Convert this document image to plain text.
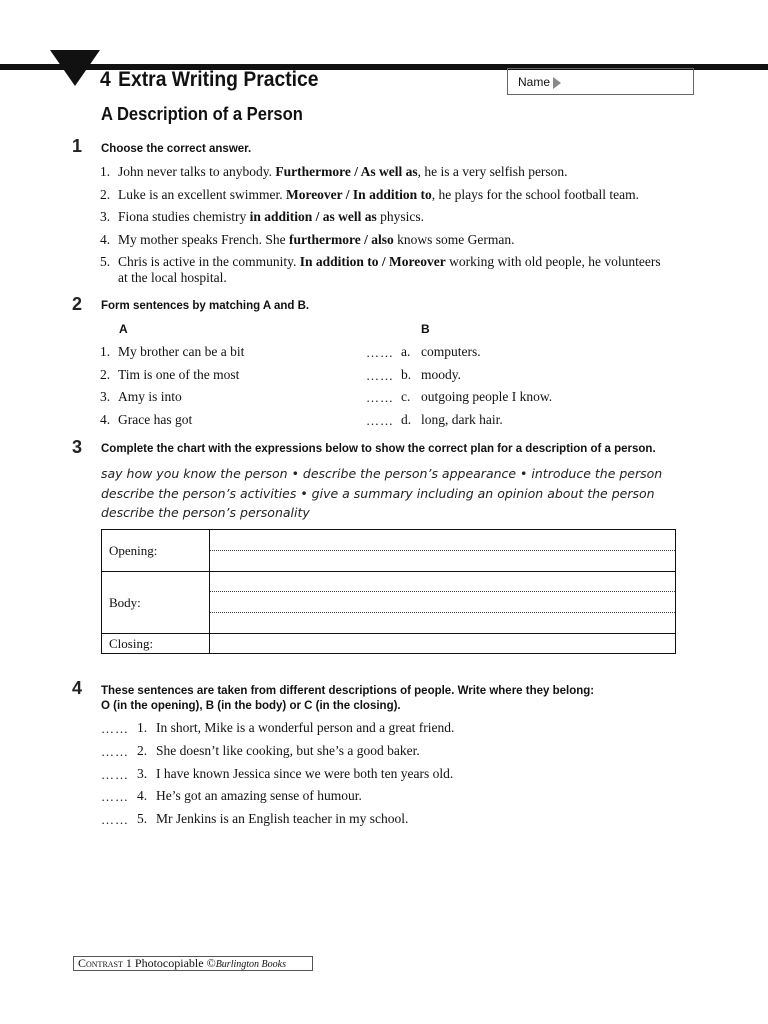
4 Extra Writing Practice	Name
A Description of a Person
1 Choose the correct answer.
1. John never talks to anybody. Furthermore / As well as, he is a very selfish person.
2. Luke is an excellent swimmer. Moreover / In addition to, he plays for the school football team.
3. Fiona studies chemistry in addition / as well as physics.
4. My mother speaks French. She furthermore / also knows some German.
5. Chris is active in the community. In addition to / Moreover working with old people, he volunteers
at the local hospital.
2 Form sentences by matching A and B.
A	B
1. My brother can be a bit	…… a. computers.
2. Tim is one of the most	…… b. moody.
3. Amy is into	…… c. outgoing people I know.
4. Grace has got	…… d. long, dark hair.
3 Complete the chart with the expressions below to show the correct plan for a description of a person.
say how you know the person • describe the person’s appearance • introduce the person
describe the person’s activities • give a summary including an opinion about the person
describe the person’s personality
Opening:
Body:
Closing:
4 These sentences are taken from different descriptions of people. Write where they belong:
O (in the opening), B (in the body) or C (in the closing).
…… 1. In short, Mike is a wonderful person and a great friend.
…… 2. She doesn’t like cooking, but she’s a good baker.
…… 3. I have known Jessica since we were both ten years old.
…… 4. He’s got an amazing sense of humour.
…… 5. Mr Jenkins is an English teacher in my school.
Contrast 1 Photocopiable ©Burlington Books
